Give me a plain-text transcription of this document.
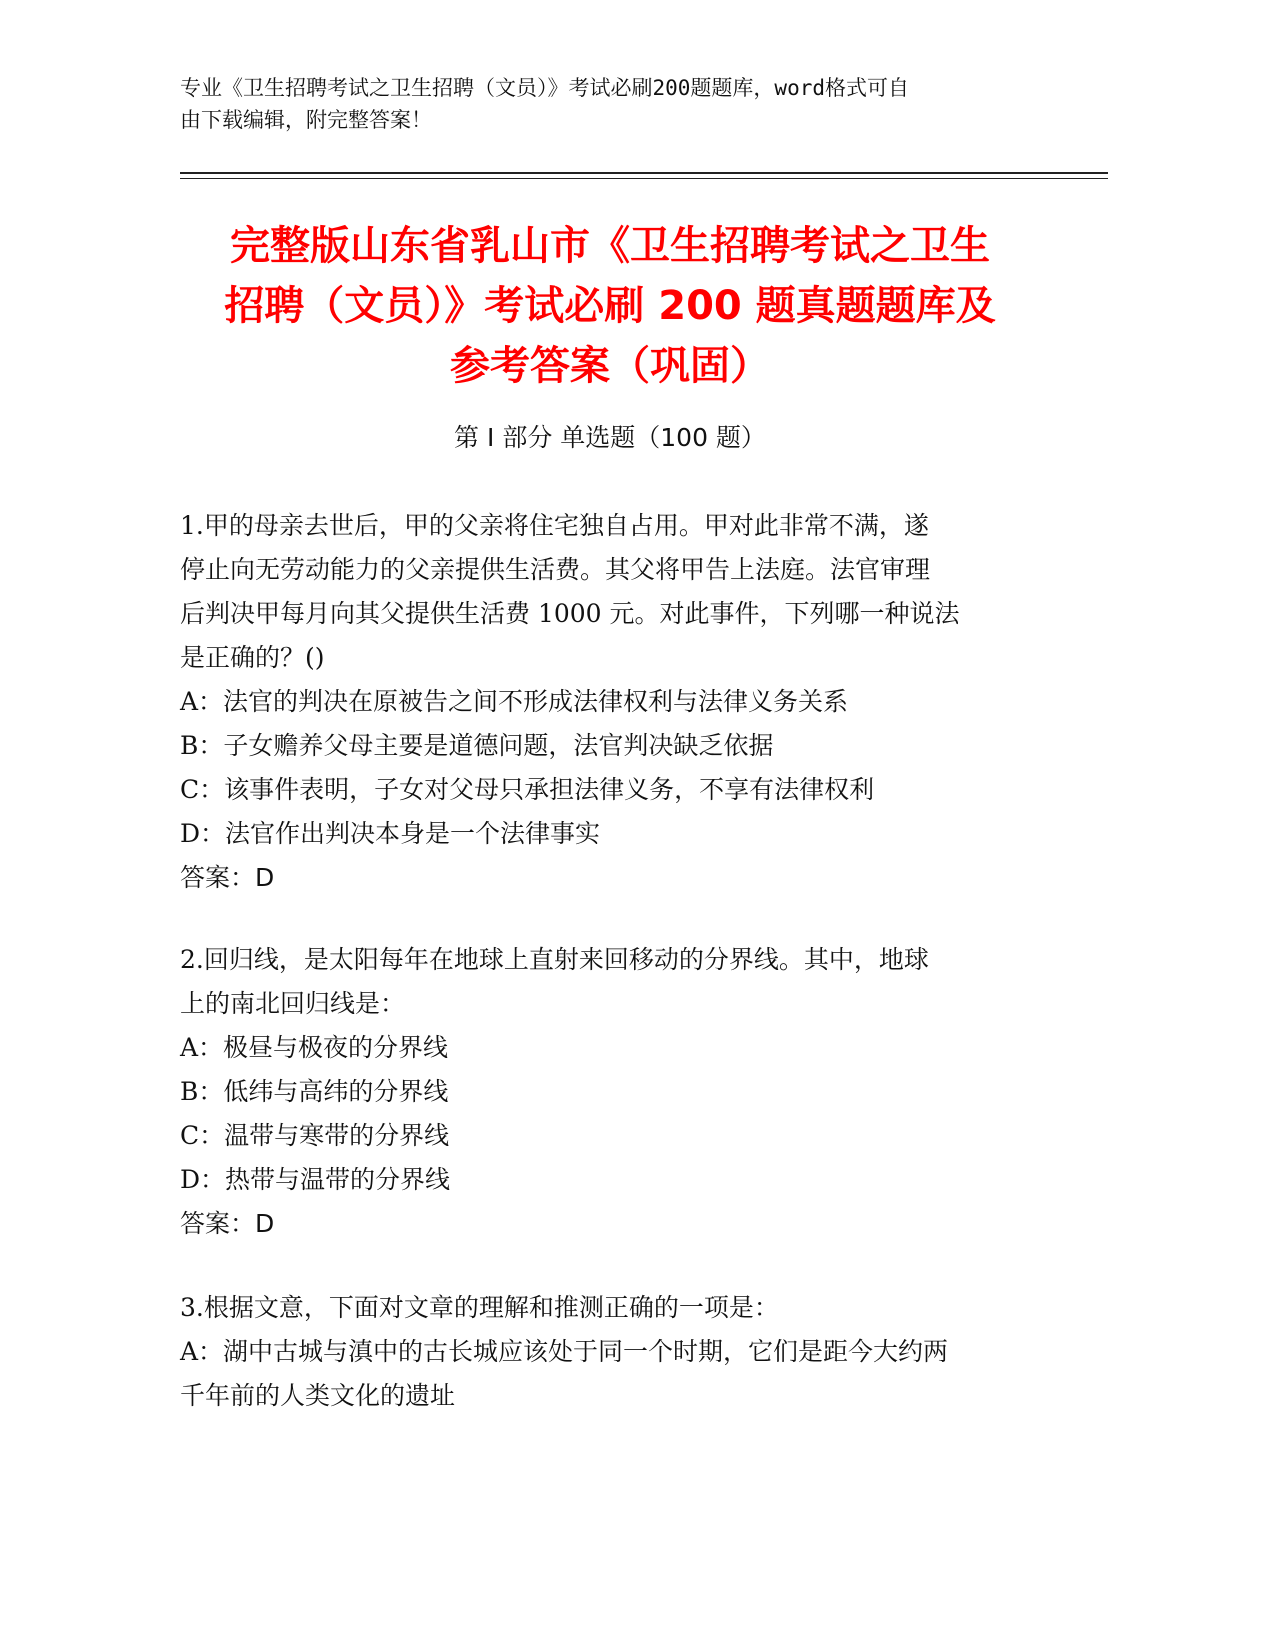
专业《卫生招聘考试之卫生招聘（文员）》考试必刷200题题库，word格式可自
由下载编辑，附完整答案！
完整版山东省乳山市《卫生招聘考试之卫生
招聘（文员）》考试必刷 200 题真题题库及
参考答案（巩固）
第 I 部分 单选题（100 题）
1.甲的母亲去世后，甲的父亲将住宅独自占用。甲对此非常不满，遂
停止向无劳动能力的父亲提供生活费。其父将甲告上法庭。法官审理
后判决甲每月向其父提供生活费 1000 元。对此事件，下列哪一种说法
是正确的？()
A：法官的判决在原被告之间不形成法律权利与法律义务关系
B：子女赡养父母主要是道德问题，法官判决缺乏依据
C：该事件表明，子女对父母只承担法律义务，不享有法律权利
D：法官作出判决本身是一个法律事实
答案：D
2.回归线，是太阳每年在地球上直射来回移动的分界线。其中，地球
上的南北回归线是：
A：极昼与极夜的分界线
B：低纬与高纬的分界线
C：温带与寒带的分界线
D：热带与温带的分界线
答案：D
3.根据文意，下面对文章的理解和推测正确的一项是：
A：湖中古城与滇中的古长城应该处于同一个时期，它们是距今大约两
千年前的人类文化的遗址
